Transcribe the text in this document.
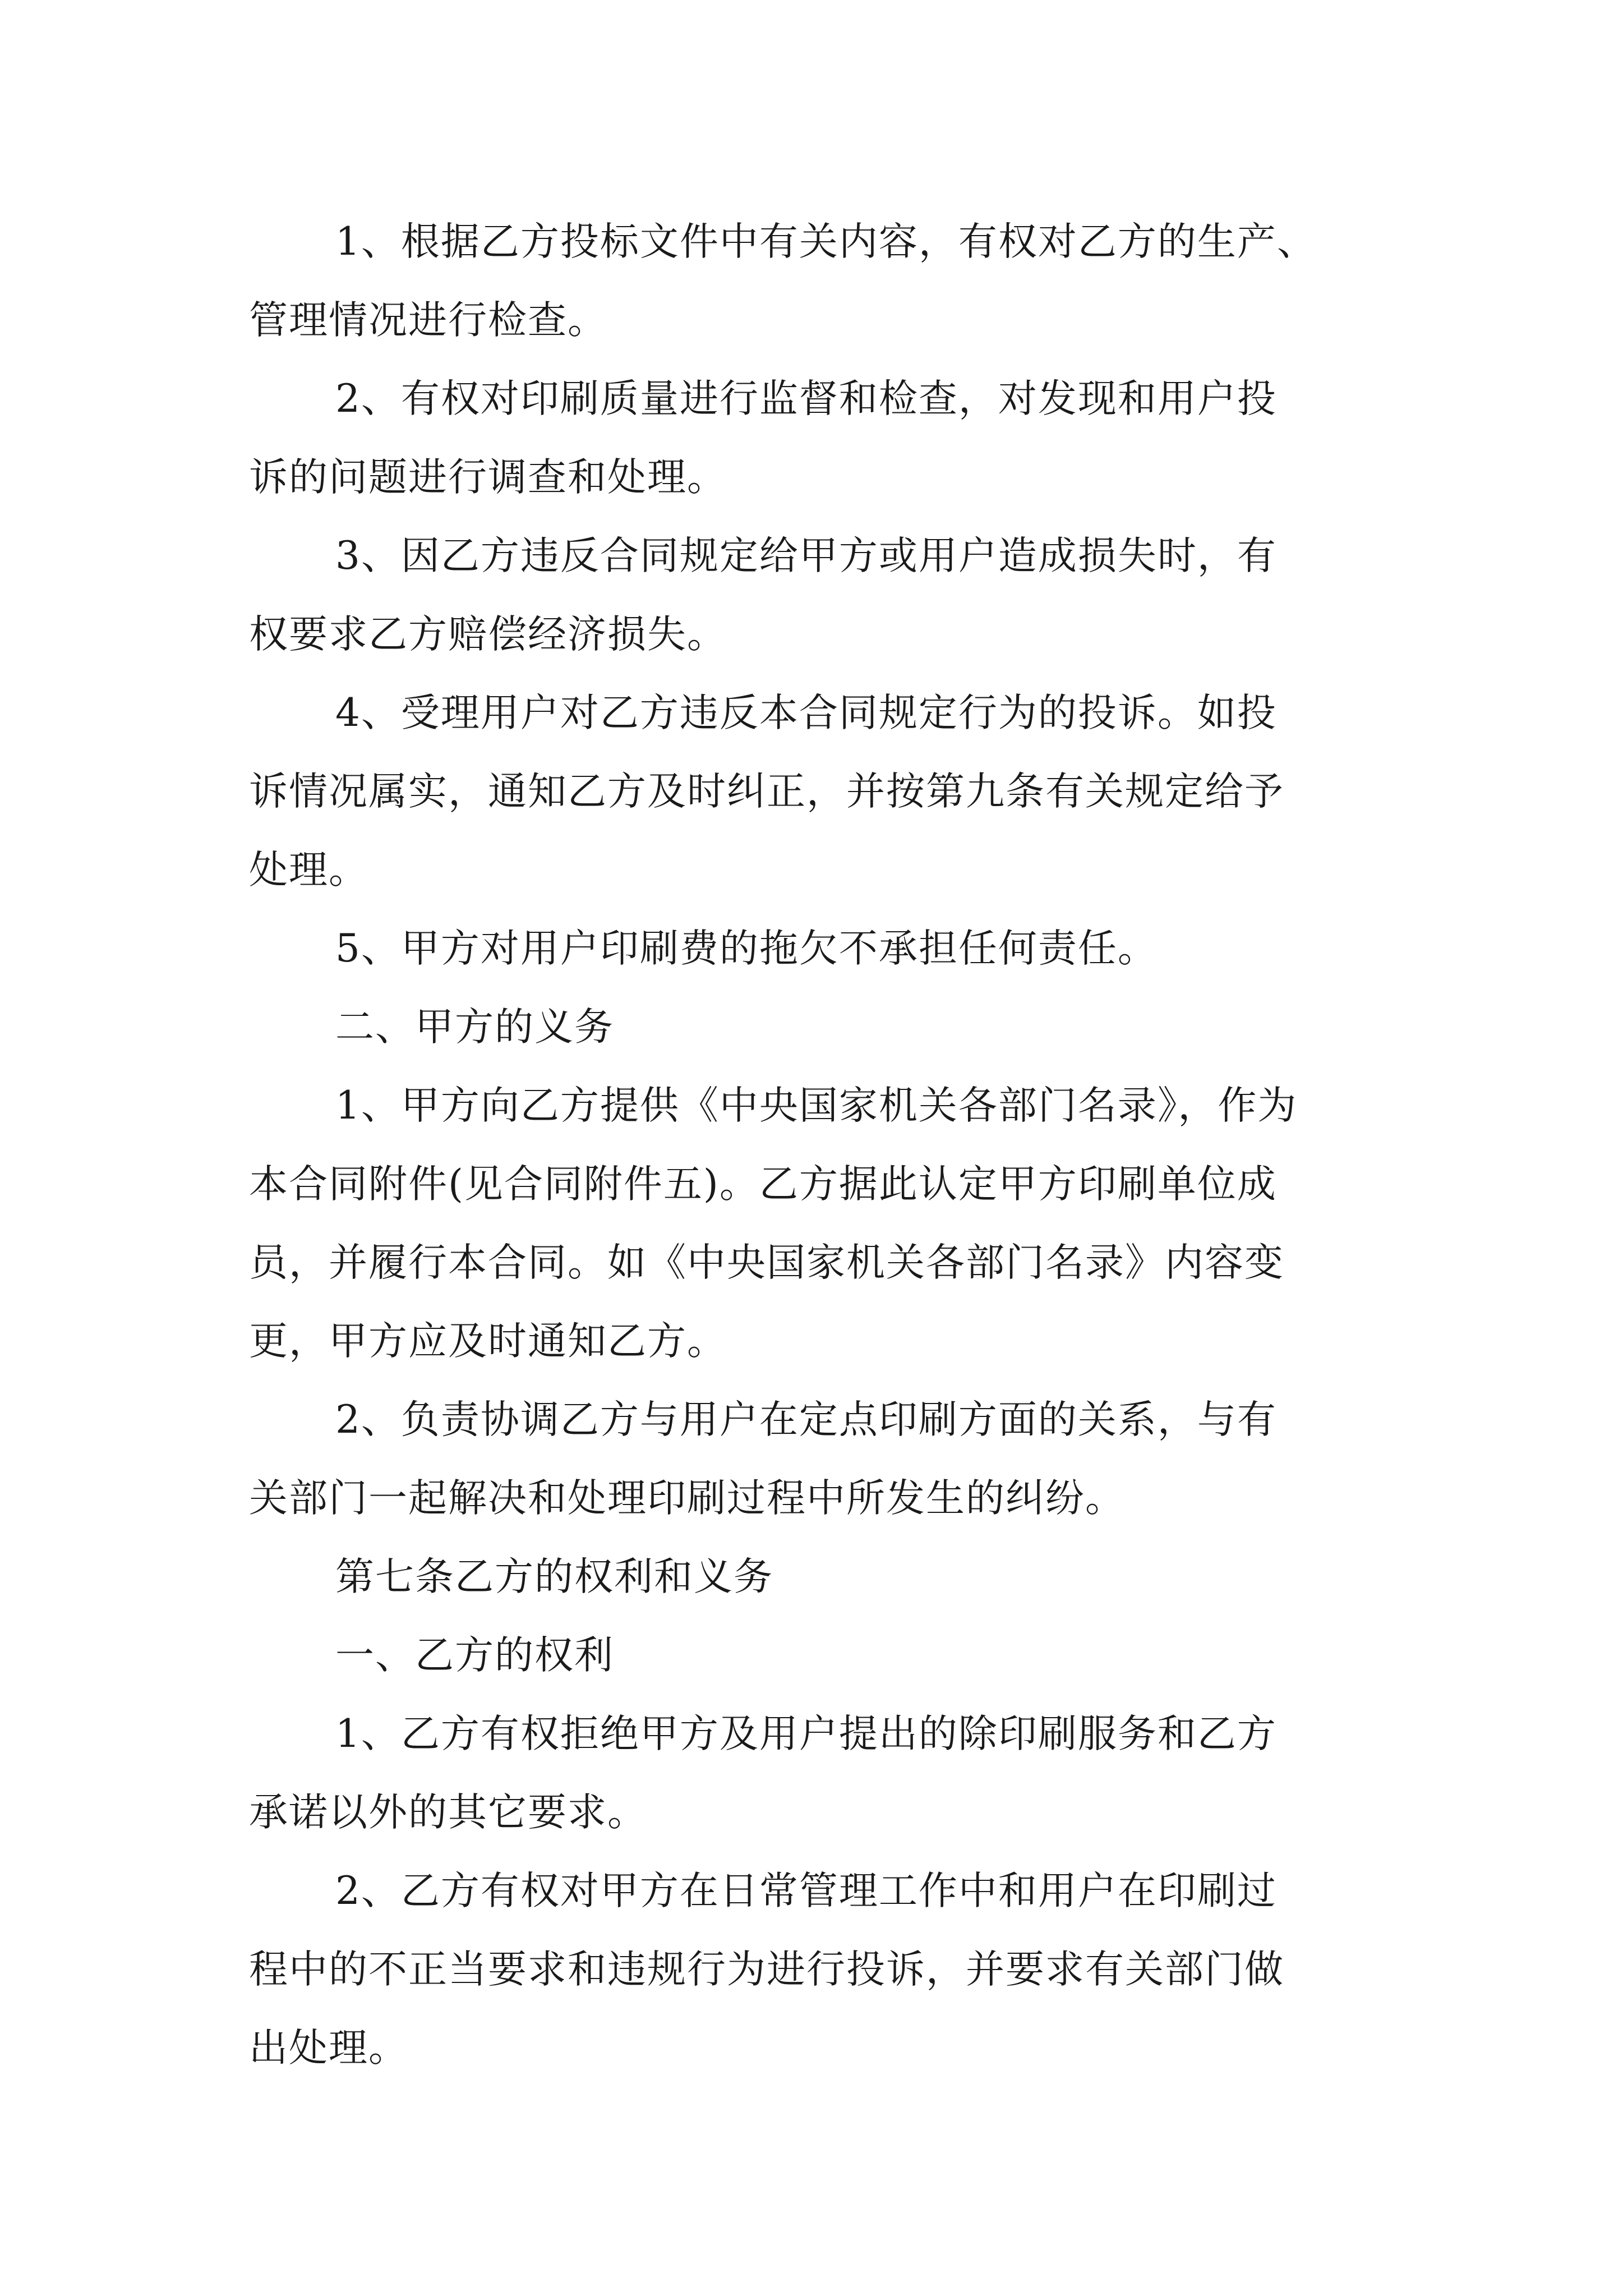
1、根据乙方投标文件中有关内容，有权对乙方的生产、

管理情况进行检查。

2、有权对印刷质量进行监督和检查，对发现和用户投

诉的问题进行调查和处理。

3、因乙方违反合同规定给甲方或用户造成损失时，有

权要求乙方赔偿经济损失。

4、受理用户对乙方违反本合同规定行为的投诉。如投

诉情况属实，通知乙方及时纠正，并按第九条有关规定给予

处理。

5、甲方对用户印刷费的拖欠不承担任何责任。

二、甲方的义务

1、甲方向乙方提供《中央国家机关各部门名录》，作为

本合同附件(见合同附件五)。乙方据此认定甲方印刷单位成

员，并履行本合同。如《中央国家机关各部门名录》内容变

更，甲方应及时通知乙方。

2、负责协调乙方与用户在定点印刷方面的关系，与有

关部门一起解决和处理印刷过程中所发生的纠纷。

第七条乙方的权利和义务

一、乙方的权利

1、乙方有权拒绝甲方及用户提出的除印刷服务和乙方

承诺以外的其它要求。

2、乙方有权对甲方在日常管理工作中和用户在印刷过

程中的不正当要求和违规行为进行投诉，并要求有关部门做

出处理。
